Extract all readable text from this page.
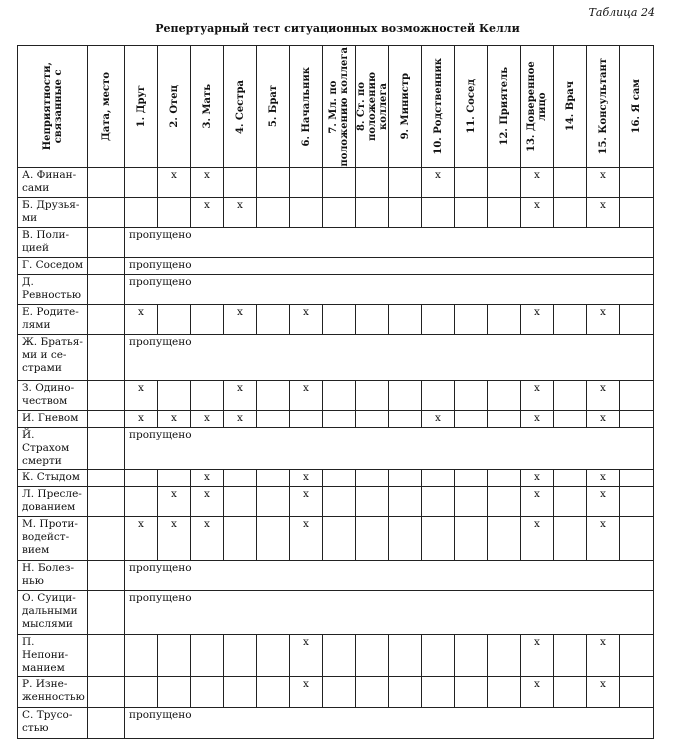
Таблица 24
Репертуарный тест ситуационных возможностей Келли
Неприятности,
связанные с	Дата, место	1. Друг	2. Отец	3. Мать	4. Сестра	5. Брат	6. Начальник	7. Мл. по
положению коллега	8. Ст. по положению
коллега	9. Министр	10. Родственник	11. Сосед	12. Приятель	13. Доверенное лицо	14. Врач	15. Консультант	16. Я сам

А. Финан-
сами			x	x							x			x		x	
Б. Друзья-
ми				x	x									x		x	
В. Поли-
цией		пропущено															
Г. Соседом		пропущено															
Д.
Ревностью		пропущено															
Е. Родите-
лями		x			x		x							x		x	
Ж. Братья-
ми и се-
страми		пропущено															
З. Одино-
чеством		x			x		x							x		x	
И. Гневом		x	x	x	x						x			x		x	
Й. Страхом
смерти		пропущено															
К. Стыдом				x			x							x		x	
Л. Пресле-
дованием			x	x			x							x		x	
М. Проти-
водейст-
вием		x	x	x			x							x		x	
Н. Болез-
нью		пропущено															
О. Суици-
дальными
мыслями		пропущено															
П. Непони-
манием							x							x		x	
Р. Изне-
женностью							x							x		x	
С. Трусо-
стью		пропущено															
